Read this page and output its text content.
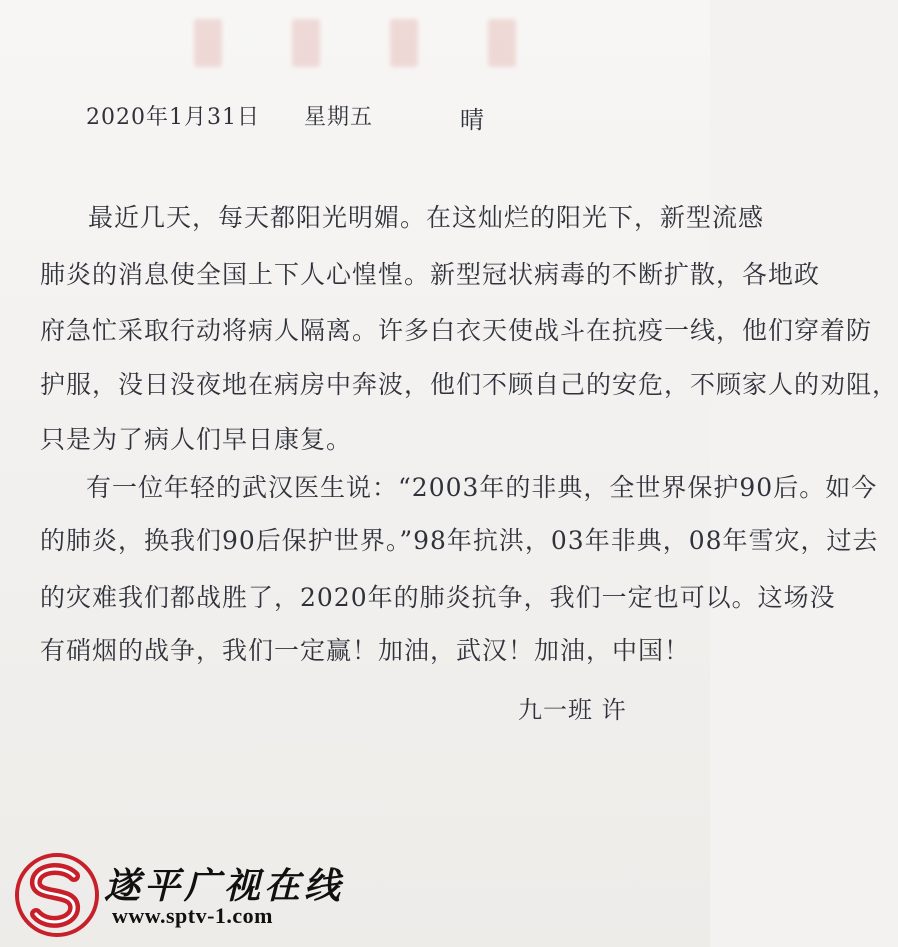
2020年1月31日 星期五	晴
最近几天，每天都阳光明媚。在这灿烂的阳光下，新型流感
肺炎的消息使全国上下人心惶惶。新型冠状病毒的不断扩散，各地政
府急忙采取行动将病人隔离。许多白衣天使战斗在抗疫一线，他们穿着防
护服，没日没夜地在病房中奔波，他们不顾自己的安危，不顾家人的劝阻，
只是为了病人们早日康复。
有一位年轻的武汉医生说：“2003年的非典，全世界保护90后。如今
的肺炎，换我们90后保护世界。”98年抗洪，03年非典，08年雪灾，过去
的灾难我们都战胜了，2020年的肺炎抗争，我们一定也可以。这场没
有硝烟的战争，我们一定赢！加油，武汉！加油，中国！
九一班 许
遂平广视在线
www.sptv-1.com
